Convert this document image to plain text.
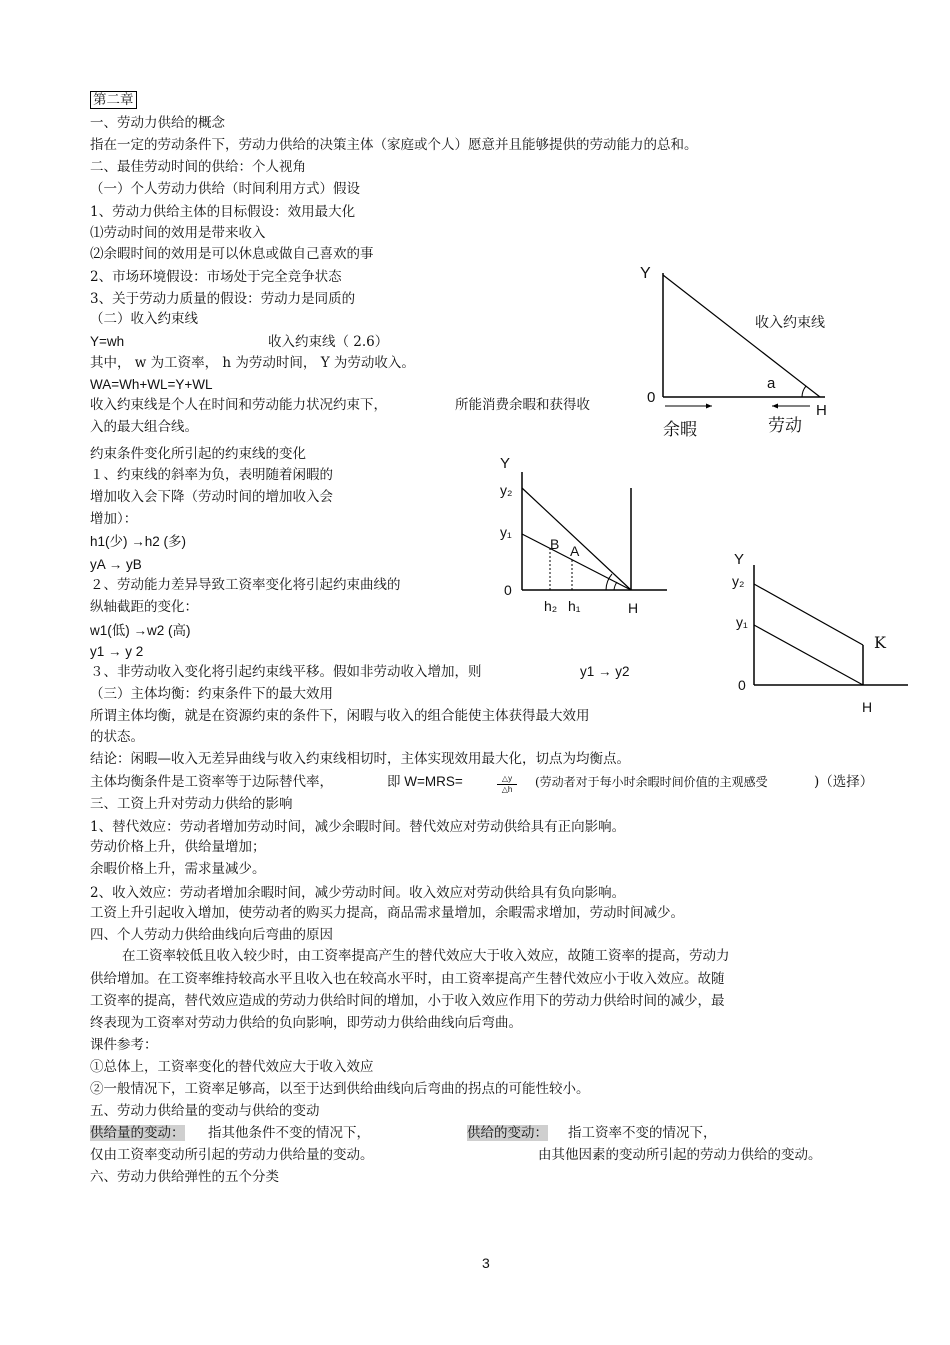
第二章
一、劳动力供给的概念
指在一定的劳动条件下，劳动力供给的决策主体（家庭或个人）愿意并且能够提供的劳动能力的总和。
二、最佳劳动时间的供给：个人视角
（一）个人劳动力供给（时间利用方式）假设
1、劳动力供给主体的目标假设：效用最大化
⑴劳动时间的效用是带来收入
⑵余暇时间的效用是可以休息或做自己喜欢的事
2、市场环境假设：市场处于完全竞争状态
3、关于劳动力质量的假设：劳动力是同质的
（二）收入约束线
Y=wh	收入约束线（ 2.6）
其中， w 为工资率， h 为劳动时间， Y 为劳动收入。
WA=Wh+WL=Y+WL
收入约束线是个人在时间和劳动能力状况约束下，	所能消费余暇和获得收
入的最大组合线。
约束条件变化所引起的约束线的变化
１、约束线的斜率为负，表明随着闲暇的
增加收入会下降（劳动时间的增加收入会
增加）：
h1(少) →h2 (多)
yA → yB
２、劳动能力差异导致工资率变化将引起约束曲线的
纵轴截距的变化：
w1(低) →w2 (高)
y1 → y 2
３、非劳动收入变化将引起约束线平移。假如非劳动收入增加，则	y1 → y2
（三）主体均衡：约束条件下的最大效用
所谓主体均衡，就是在资源约束的条件下，闲暇与收入的组合能使主体获得最大效用
的状态。
结论：闲暇—收入无差异曲线与收入约束线相切时，主体实现效用最大化，切点为均衡点。
主体均衡条件是工资率等于边际替代率，	即 W=MRS=	$\frac{\triangle y}{\triangle h}$ (劳动者对于每小时余暇时间价值的主观感受	)（选择）
三、工资上升对劳动力供给的影响
1、替代效应：劳动者增加劳动时间，减少余暇时间。替代效应对劳动供给具有正向影响。
劳动价格上升，供给量增加；
余暇价格上升，需求量减少。
2、收入效应：劳动者增加余暇时间，减少劳动时间。收入效应对劳动供给具有负向影响。
工资上升引起收入增加，使劳动者的购买力提高，商品需求量增加，余暇需求增加，劳动时间减少。
四、个人劳动力供给曲线向后弯曲的原因
在工资率较低且收入较少时，由工资率提高产生的替代效应大于收入效应，故随工资率的提高，劳动力
供给增加。在工资率维持较高水平且收入也在较高水平时，由工资率提高产生替代效应小于收入效应。故随
工资率的提高，替代效应造成的劳动力供给时间的增加，小于收入效应作用下的劳动力供给时间的减少，最
终表现为工资率对劳动力供给的负向影响，即劳动力供给曲线向后弯曲。
课件参考：
①总体上，工资率变化的替代效应大于收入效应
②一般情况下，工资率足够高，以至于达到供给曲线向后弯曲的拐点的可能性较小。
五、劳动力供给量的变动与供给的变动
供给量的变动： 指其他条件不变的情况下，	供给的变动： 指工资率不变的情况下，
仅由工资率变动所引起的劳动力供给量的变动。	由其他因素的变动所引起的劳动力供给的变动。
六、劳动力供给弹性的五个分类
3
Y
0
H
收入约束线
a
余暇	劳动
Y
y₂
y₁
B A
0
h₂ h₁	H
Y
y₂
y₁
K
0
H
